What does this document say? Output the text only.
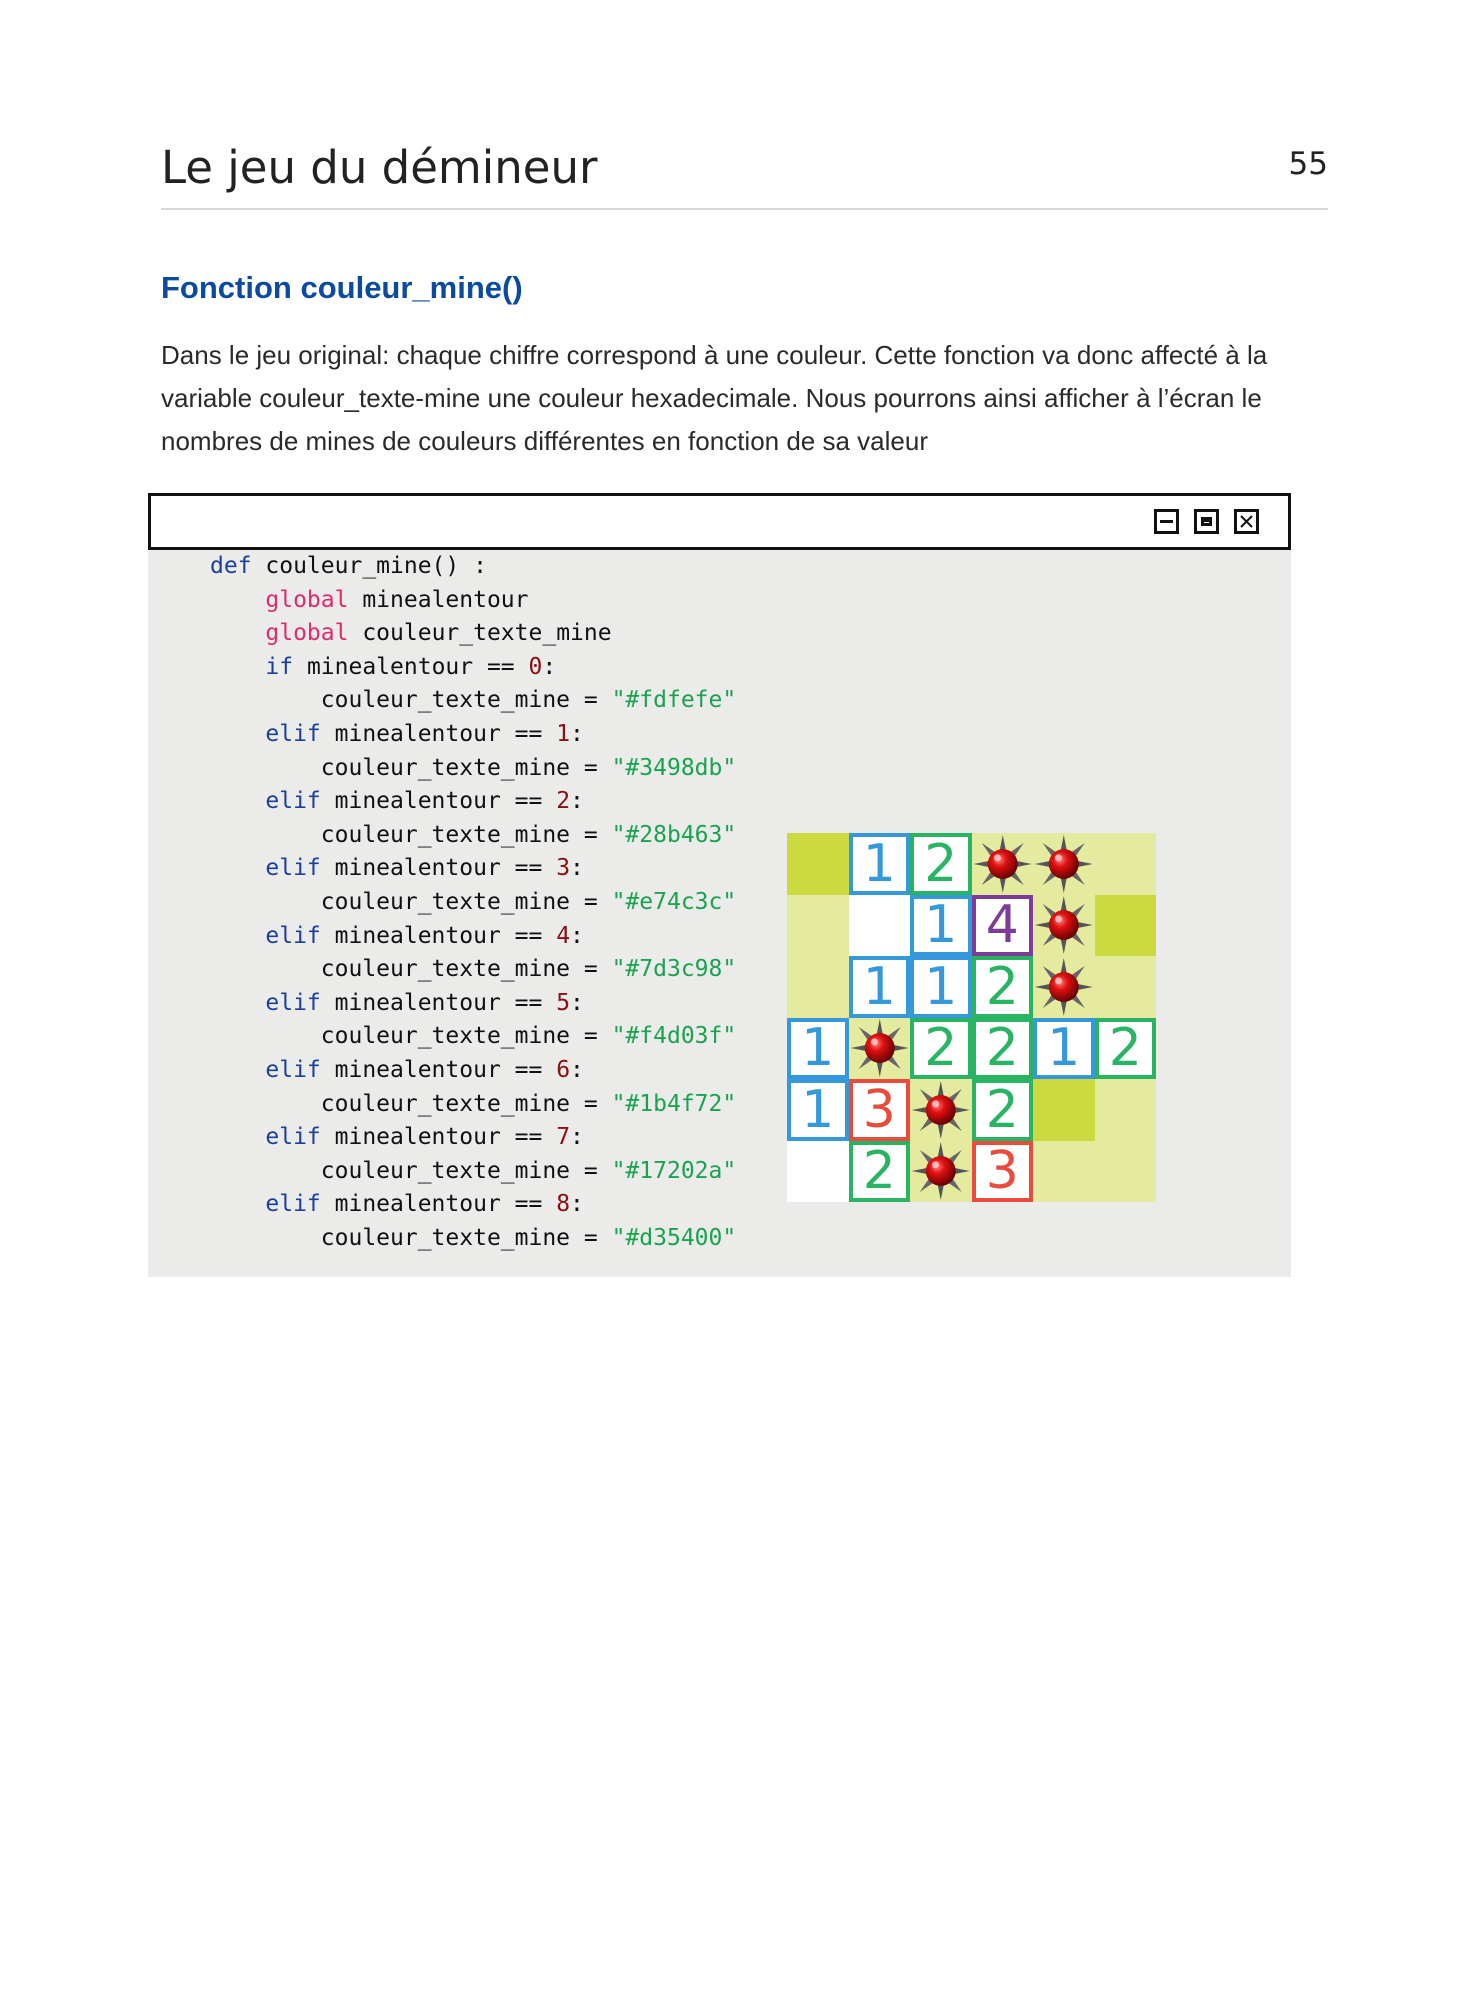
Le jeu du démineur	55
Fonction couleur_mine()

Dans le jeu original: chaque chiffre correspond à une couleur. Cette fonction va donc affecté à la variable couleur_texte-mine une couleur hexadecimale. Nous pourrons ainsi afficher à l’écran le nombres de mines de couleurs différentes en fonction de sa valeur

def couleur_mine() :
global minealentour
global couleur_texte_mine
if minealentour == 0:
couleur_texte_mine = "#fdfefe"
elif minealentour == 1:
couleur_texte_mine = "#3498db"
elif minealentour == 2:
couleur_texte_mine = "#28b463"
elif minealentour == 3:
couleur_texte_mine = "#e74c3c"
elif minealentour == 4:
couleur_texte_mine = "#7d3c98"
elif minealentour == 5:
couleur_texte_mine = "#f4d03f"
elif minealentour == 6:
couleur_texte_mine = "#1b4f72"
elif minealentour == 7:
couleur_texte_mine = "#17202a"
elif minealentour == 8:
couleur_texte_mine = "#d35400"
1 2
1 4
1 1 2
1 2 2 1 2
1 3 2
2 3
